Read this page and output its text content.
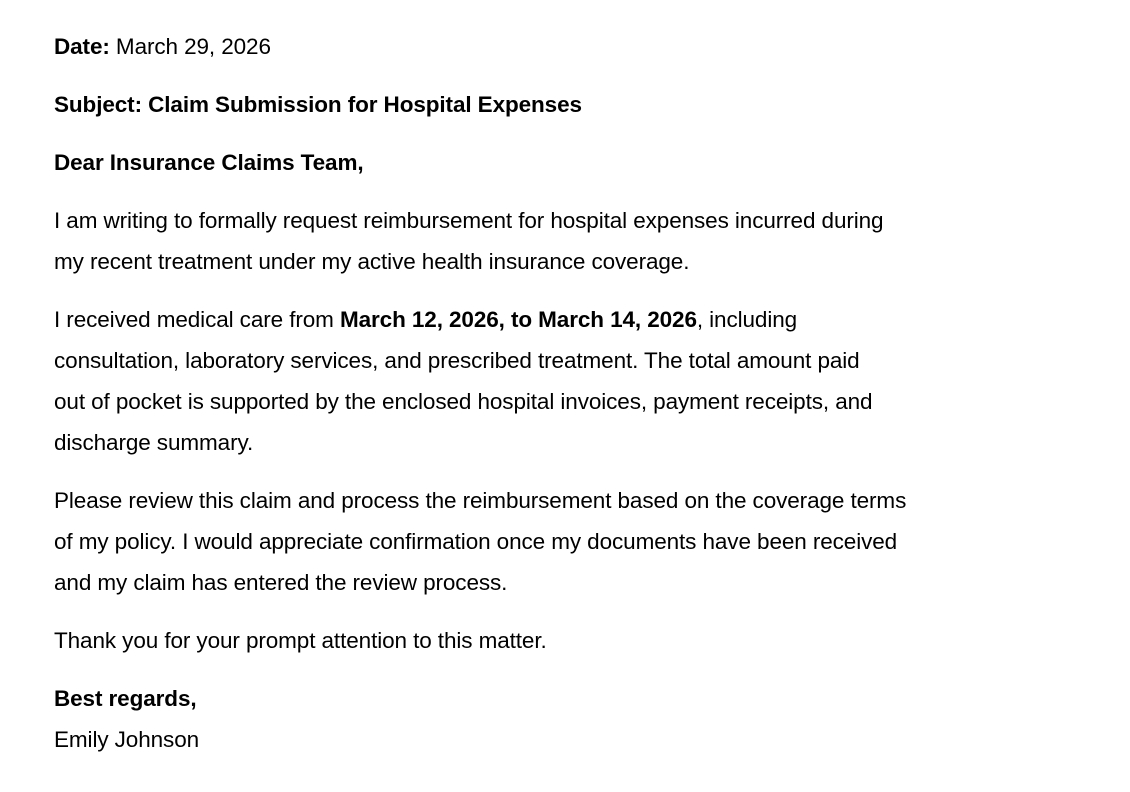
Date: March 29, 2026

Subject: Claim Submission for Hospital Expenses

Dear Insurance Claims Team,

I am writing to formally request reimbursement for hospital expenses incurred during
my recent treatment under my active health insurance coverage.

I received medical care from March 12, 2026, to March 14, 2026, including
consultation, laboratory services, and prescribed treatment. The total amount paid
out of pocket is supported by the enclosed hospital invoices, payment receipts, and
discharge summary.

Please review this claim and process the reimbursement based on the coverage terms
of my policy. I would appreciate confirmation once my documents have been received
and my claim has entered the review process.

Thank you for your prompt attention to this matter.

Best regards,

Emily Johnson
